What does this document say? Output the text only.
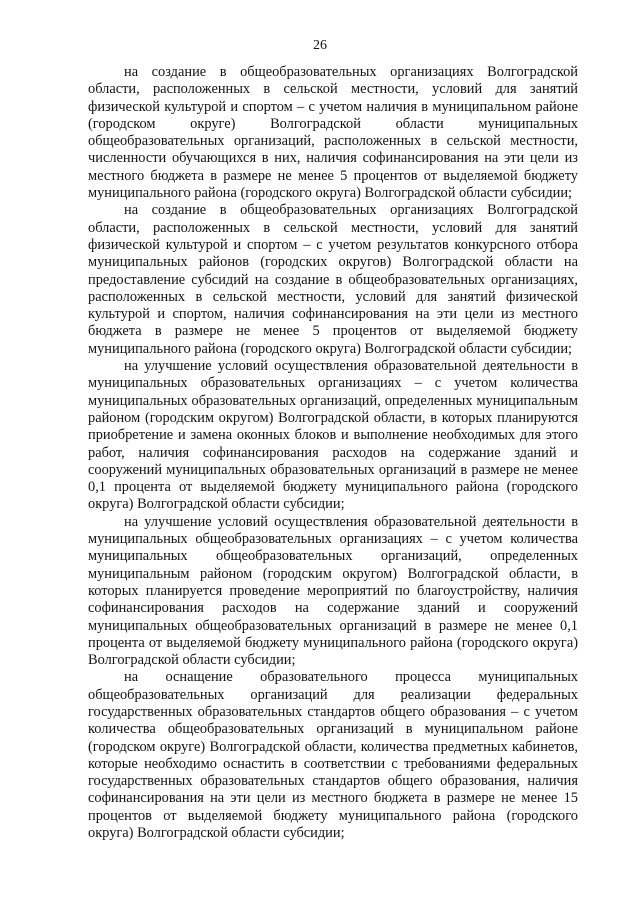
26

на создание в общеобразовательных организациях Волгоградской области, расположенных в сельской местности, условий для занятий физической культурой и спортом – с учетом наличия в муниципальном районе (городском округе) Волгоградской области муниципальных общеобразовательных организаций, расположенных в сельской местности, численности обучающихся в них, наличия софинансирования на эти цели из местного бюджета в размере не менее 5 процентов от выделяемой бюджету муниципального района (городского округа) Волгоградской области субсидии;

на создание в общеобразовательных организациях Волгоградской области, расположенных в сельской местности, условий для занятий физической культурой и спортом – с учетом результатов конкурсного отбора муниципальных районов (городских округов) Волгоградской области на предоставление субсидий на создание в общеобразовательных организациях, расположенных в сельской местности, условий для занятий физической культурой и спортом, наличия софинансирования на эти цели из местного бюджета в размере не менее 5 процентов от выделяемой бюджету муниципального района (городского округа) Волгоградской области субсидии;

на улучшение условий осуществления образовательной деятельности в муниципальных образовательных организациях – с учетом количества муниципальных образовательных организаций, определенных муниципальным районом (городским округом) Волгоградской области, в которых планируются приобретение и замена оконных блоков и выполнение необходимых для этого работ, наличия софинансирования расходов на содержание зданий и сооружений муниципальных образовательных организаций в размере не менее 0,1 процента от выделяемой бюджету муниципального района (городского округа) Волгоградской области субсидии;

на улучшение условий осуществления образовательной деятельности в муниципальных общеобразовательных организациях – с учетом количества муниципальных общеобразовательных организаций, определенных муниципальным районом (городским округом) Волгоградской области, в которых планируется проведение мероприятий по благоустройству, наличия софинансирования расходов на содержание зданий и сооружений муниципальных общеобразовательных организаций в размере не менее 0,1 процента от выделяемой бюджету муниципального района (городского округа) Волгоградской области субсидии;

на оснащение образовательного процесса муниципальных общеобразовательных организаций для реализации федеральных государственных образовательных стандартов общего образования – с учетом количества общеобразовательных организаций в муниципальном районе (городском округе) Волгоградской области, количества предметных кабинетов, которые необходимо оснастить в соответствии с требованиями федеральных государственных образовательных стандартов общего образования, наличия софинансирования на эти цели из местного бюджета в размере не менее 15 процентов от выделяемой бюджету муниципального района (городского округа) Волгоградской области субсидии;
